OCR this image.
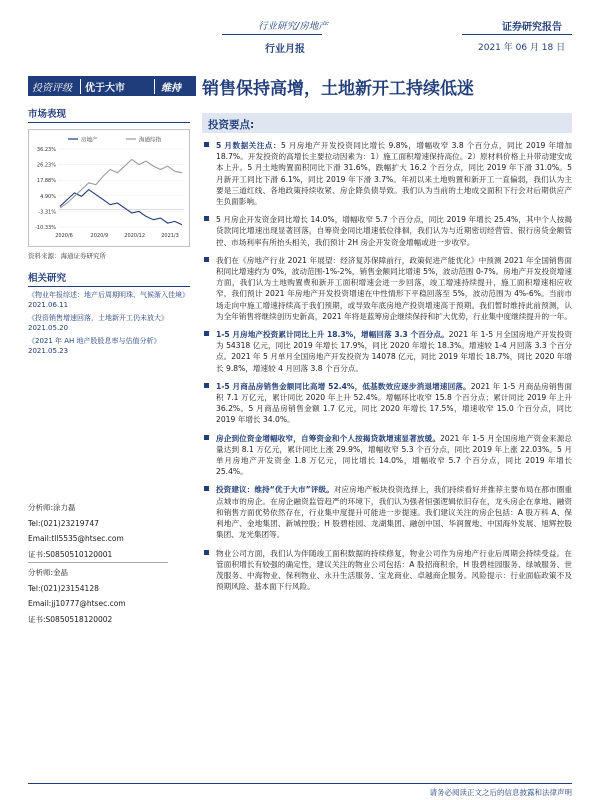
行业研究/房地产
行业月报
证券研究报告
2021 年 06 月 18 日
投资评级	优于大市	维持 销售保持高增，土地新开工持续低迷
市场表现
房地产	海通综指
36.23%
26.23%
17.88%
4.90%
-3.31%
-10.33%
2020/6	2020/9	2020/12	2021/3
资料来源：海通证券研究所
相关研究
《物业年报综述：地产后周期明珠、气候渐入佳境》2021.06.11
《投资销售增速回落，土地新开工仍未放大》2021.05.20
《2021 年 AH 地产股股息率与估值分析》2021.05.23
分析师:涂力磊
Tel:(021)23219747
Email:tll5535@htsec.com
证书:S0850510120001
分析师:金晶
Tel:(021)23154128
Email:jj10777@htsec.com
证书:S0850518120002
投资要点:
5 月数据关注点：5 月房地产开发投资同比增长 9.8%，增幅收窄 3.8 个百分点，同比 2019 年增加 18.7%。开发投资的高增长主要拉动因素为：1）施工面积增速保持高位。2）原材料价格上升带动建安成本上升。5 月土地购置面积同比下滑 31.6%，跌幅扩大 16.2 个百分点，同比 2019 年下滑 31.0%。5 月新开工同比下滑 6.1%，同比 2019 年下滑 3.7%。年初以来土地购置和新开工一直偏弱，我们认为主要是三道红线、各地政策持续收紧、房企降负债导致。我们认为当前的土地成交面积下行会对后期供应产生负面影响。
5 月房企开发资金同比增长 14.0%，增幅收窄 5.7 个百分点，同比 2019 年增长 25.4%，其中个人按揭贷款同比增速出现显著回落，自筹资金同比增速低位徘徊，我们认为与近期密切经营管、银行房贷金额管控、市场利率有所抬头相关，我们预计 2H 房企开发资金增幅或进一步收窄。
我们在《房地产行业 2021 年展望：经济复苏保障前行，政策促进产能优化》中预测 2021 年全国销售面积同比增速约为 0%，波动范围-1%-2%，销售金额同比增速 5%，波动范围 0-7%。房地产开发投资增速方面，我们认为土地购置费和新开工面积增速会进一步回落，竣工增速持续提升，施工面积增速相应收窄，我们预计 2021 年房地产开发投资增速在中性情形下平稳回落至 5%，波动范围为 4%-6%。当前市场走向中施工增速持续高于我们预期，或导致年底房地产投资增速高于预期。我们暂时维持此前预测，认为全年销售将继续创历史新高，2021 年将是蓝筹房企继续保持和扩大优势，行业集中度继续提升的一年。
1-5 月房地产投资累计同比上升 18.3%，增幅回落 3.3 个百分点。2021 年 1-5 月全国房地产开发投资为 54318 亿元，同比 2019 年增长 17.9%，同比 2020 年增长 18.3%。增速较 1-4 月回落 3.3 个百分点。2021 年 5 月单月全国房地产开发投资为 14078 亿元，同比 2019 年增长 18.7%，同比 2020 年增长 9.8%，增速较 4 月回落 3.8 个百分点。
1-5 月商品房销售金额同比高增 52.4%，低基数效应逐步消退增速回落。2021 年 1-5 月商品房销售面积 7.1 万亿元，累计同比 2020 年上升 52.4%。增幅环比收窄 15.8 个百分点；累计同比 2019 年上升 36.2%。5 月商品房销售金额 1.7 亿元，同比 2020 年增长 17.5%，增速收窄 15.0 个百分点，同比 2019 年增长 34.0%。
房企到位资金增幅收窄，自筹资金和个人按揭贷款增速显著放缓。2021 年 1-5 月全国房地产资金来源总量达到 8.1 万亿元，累计同比上涨 29.9%，增幅收窄 5.3 个百分点，同比 2019 年上涨 22.03%。5 月单月房地产开发资金 1.8 万亿元，同比增长 14.0%，增幅收窄 5.7 个百分点，同比 2019 年增长 25.4%。
投资建议：维持“优于大市”评级。对应房地产板块投资选择上，我们持续看好并推荐主要布局在都市圈重点城市的房企。在房企融资监管趋严的环境下，我们认为强者恒强逻辑依旧存在，龙头房企在拿地、融资和销售方面优势依然存在，行业集中度提升可能进一步提速。我们建议关注的房企包括：A 股万科 A、保利地产、金地集团、新城控股；H 股碧桂园、龙湖集团、融创中国、华润置地、中国海外发展、旭辉控股集团、龙光集团等。
物业公司方面，我们认为伴随竣工面积数据的持续修复，物业公司作为房地产行业后周期会持续受益。在管面积增长有较强的确定性，建议关注的物业公司包括：A 股招商积余，H 股碧桂园服务、绿城服务、世茂服务、中海物业、保利物业、永升生活服务、宝龙商业、卓越商企服务。风险提示：行业面临政策不及预期风险、基本面下行风险。
请务必阅读正文之后的信息披露和法律声明
